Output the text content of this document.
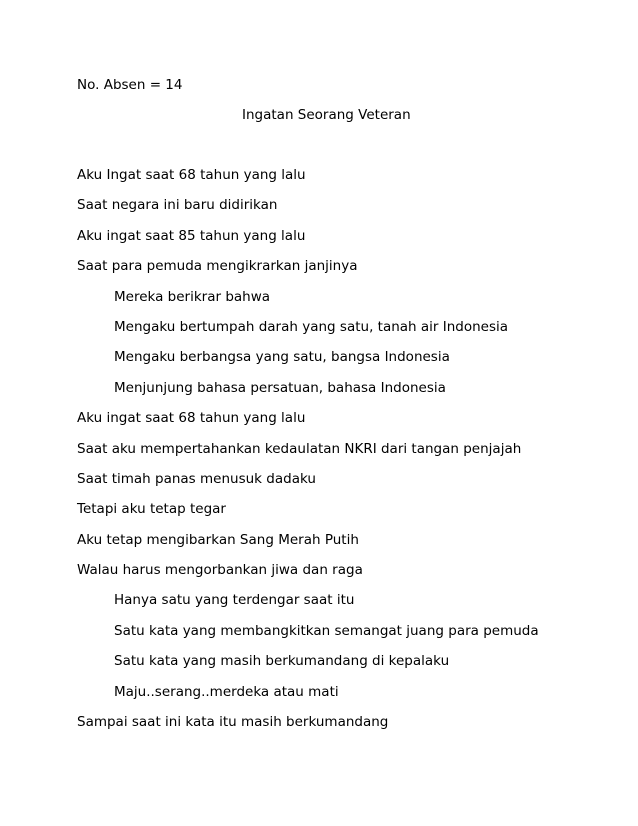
No. Absen = 14
Ingatan Seorang Veteran
Aku Ingat saat 68 tahun yang lalu
Saat negara ini baru didirikan
Aku ingat saat 85 tahun yang lalu
Saat para pemuda mengikrarkan janjinya
Mereka berikrar bahwa
Mengaku bertumpah darah yang satu, tanah air Indonesia
Mengaku berbangsa yang satu, bangsa Indonesia
Menjunjung bahasa persatuan, bahasa Indonesia
Aku ingat saat 68 tahun yang lalu
Saat aku mempertahankan kedaulatan NKRI dari tangan penjajah
Saat timah panas menusuk dadaku
Tetapi aku tetap tegar
Aku tetap mengibarkan Sang Merah Putih
Walau harus mengorbankan jiwa dan raga
Hanya satu yang terdengar saat itu
Satu kata yang membangkitkan semangat juang para pemuda
Satu kata yang masih berkumandang di kepalaku
Maju..serang..merdeka atau mati
Sampai saat ini kata itu masih berkumandang
